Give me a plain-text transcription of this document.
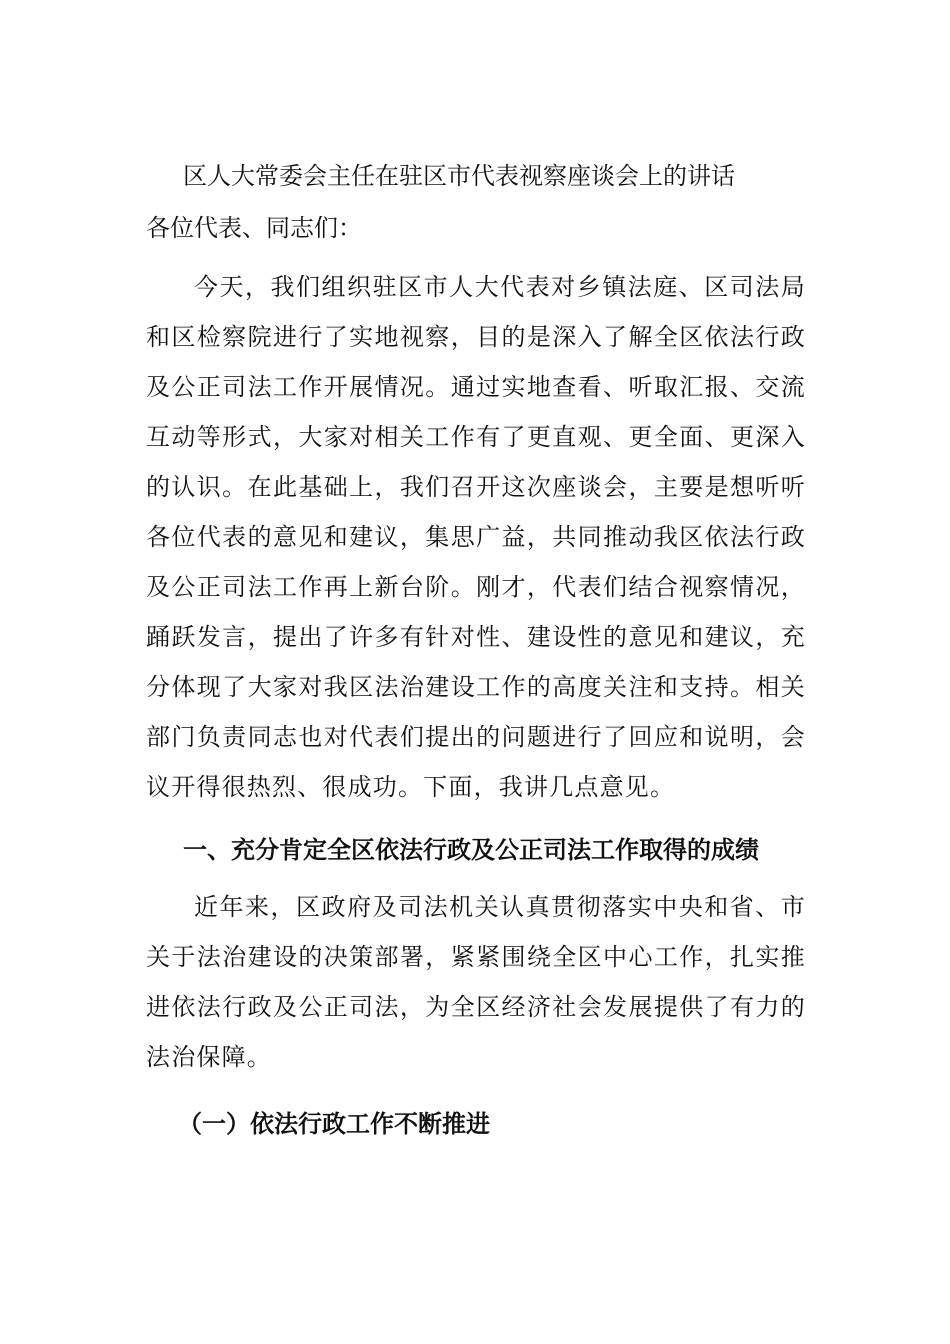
区人大常委会主任在驻区市代表视察座谈会上的讲话
各位代表、同志们：

今天，我们组织驻区市人大代表对乡镇法庭、区司法局和区检察院进行了实地视察，目的是深入了解全区依法行政及公正司法工作开展情况。通过实地查看、听取汇报、交流互动等形式，大家对相关工作有了更直观、更全面、更深入的认识。在此基础上，我们召开这次座谈会，主要是想听听各位代表的意见和建议，集思广益，共同推动我区依法行政及公正司法工作再上新台阶。刚才，代表们结合视察情况，踊跃发言，提出了许多有针对性、建设性的意见和建议，充分体现了大家对我区法治建设工作的高度关注和支持。相关部门负责同志也对代表们提出的问题进行了回应和说明，会议开得很热烈、很成功。下面，我讲几点意见。

一、充分肯定全区依法行政及公正司法工作取得的成绩

近年来，区政府及司法机关认真贯彻落实中央和省、市关于法治建设的决策部署，紧紧围绕全区中心工作，扎实推进依法行政及公正司法，为全区经济社会发展提供了有力的法治保障。

（一）依法行政工作不断推进
